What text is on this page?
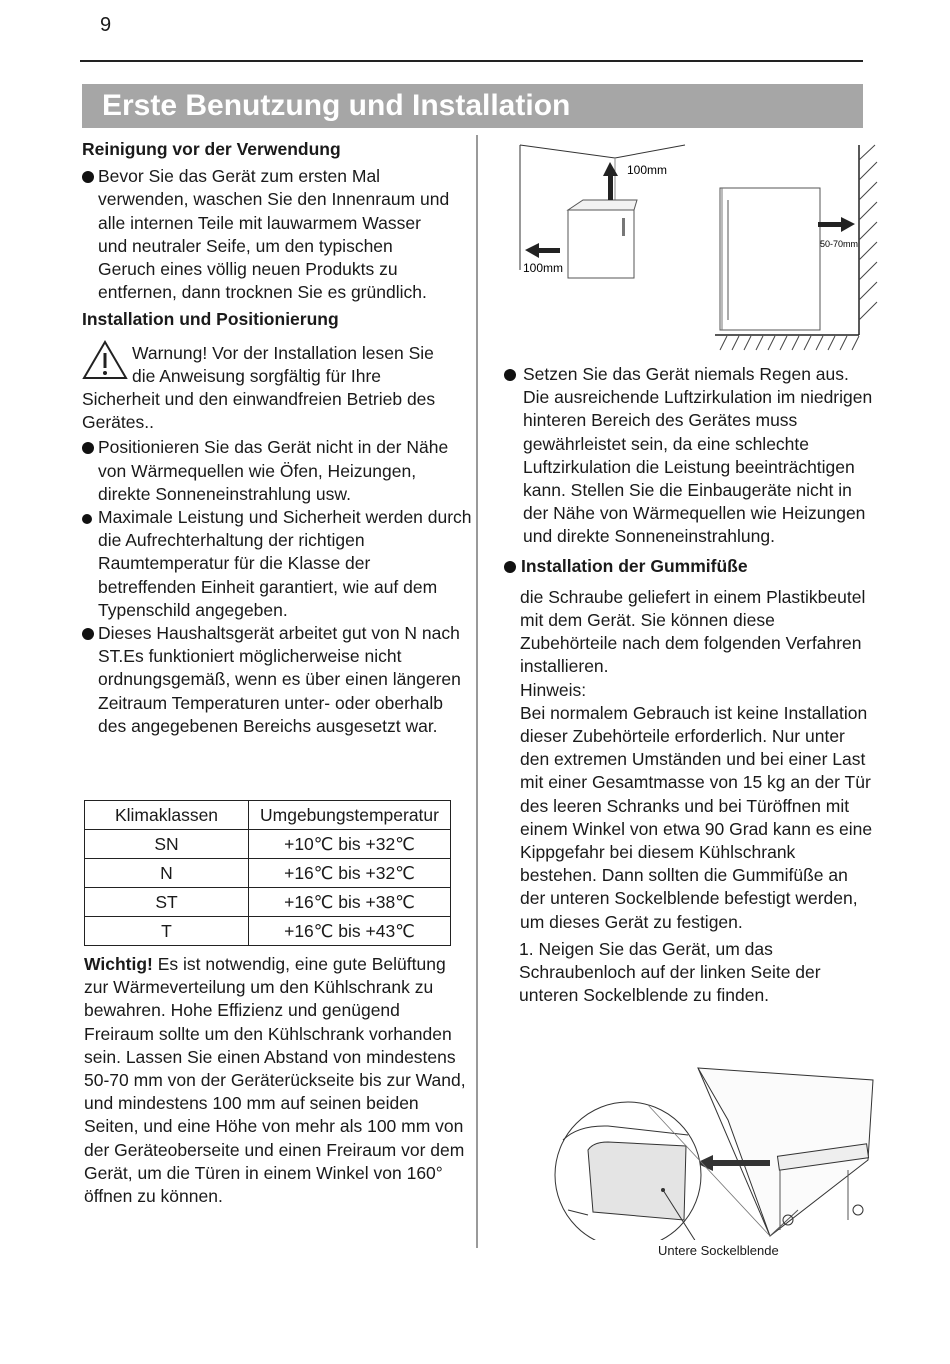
9
Erste Benutzung und Installation
Reinigung vor der Verwendung
Bevor Sie das Gerät zum ersten Mal verwenden, waschen Sie den Innenraum und alle internen Teile mit lauwarmem Wasser und neutraler Seife, um den typischen Geruch eines völlig neuen Produkts zu entfernen, dann trocknen Sie es gründlich.
Installation und Positionierung
Warnung! Vor der Installation lesen Sie die Anweisung sorgfältig für Ihre Sicherheit und den einwandfreien Betrieb des Gerätes..
Positionieren Sie das Gerät nicht in der Nähe von Wärmequellen wie Öfen, Heizungen, direkte Sonneneinstrahlung usw.
Maximale Leistung und Sicherheit werden durch die Aufrechterhaltung der richtigen Raumtemperatur für die Klasse der betreffenden Einheit garantiert, wie auf dem Typenschild angegeben.
Dieses Haushaltsgerät arbeitet gut von N nach ST.Es funktioniert möglicherweise nicht ordnungsgemäß, wenn es über einen längeren Zeitraum Temperaturen unter- oder oberhalb des angegebenen Bereichs ausgesetzt war.
Klimaklassen	Umgebungstemperatur
SN	+10℃ bis +32℃
N	+16℃ bis +32℃
ST	+16℃ bis +38℃
T	+16℃ bis +43℃
Wichtig! Es ist notwendig, eine gute Belüftung zur Wärmeverteilung um den Kühlschrank zu bewahren. Hohe Effizienz und genügend Freiraum sollte um den Kühlschrank vorhanden sein. Lassen Sie einen Abstand von mindestens 50-70 mm von der Geräterückseite bis zur Wand, und mindestens 100 mm auf seinen beiden Seiten, und eine Höhe von mehr als 100 mm von der Geräteoberseite und einen Freiraum vor dem Gerät, um die Türen in einem Winkel von 160° öffnen zu können.
100mm
100mm
50-70mm
Setzen Sie das Gerät niemals Regen aus. Die ausreichende Luftzirkulation im niedrigen hinteren Bereich des Gerätes muss gewährleistet sein, da eine schlechte Luftzirkulation die Leistung beeinträchtigen kann. Stellen Sie die Einbaugeräte nicht in der Nähe von Wärmequellen wie Heizungen und direkte Sonneneinstrahlung.
Installation der Gummifüße
die Schraube geliefert in einem Plastikbeutel mit dem Gerät. Sie können diese Zubehörteile nach dem folgenden Verfahren installieren.
Hinweis:
Bei normalem Gebrauch ist keine Installation dieser Zubehörteile erforderlich. Nur unter den extremen Umständen und bei einer Last mit einer Gesamtmasse von 15 kg an der Tür des leeren Schranks und bei Türöffnen mit einem Winkel von etwa 90 Grad kann es eine Kippgefahr bei diesem Kühlschrank bestehen. Dann sollten die Gummifüße an der unteren Sockelblende befestigt werden, um dieses Gerät zu festigen.
1. Neigen Sie das Gerät, um das Schraubenloch auf der linken Seite der unteren Sockelblende zu finden.
Untere Sockelblende
